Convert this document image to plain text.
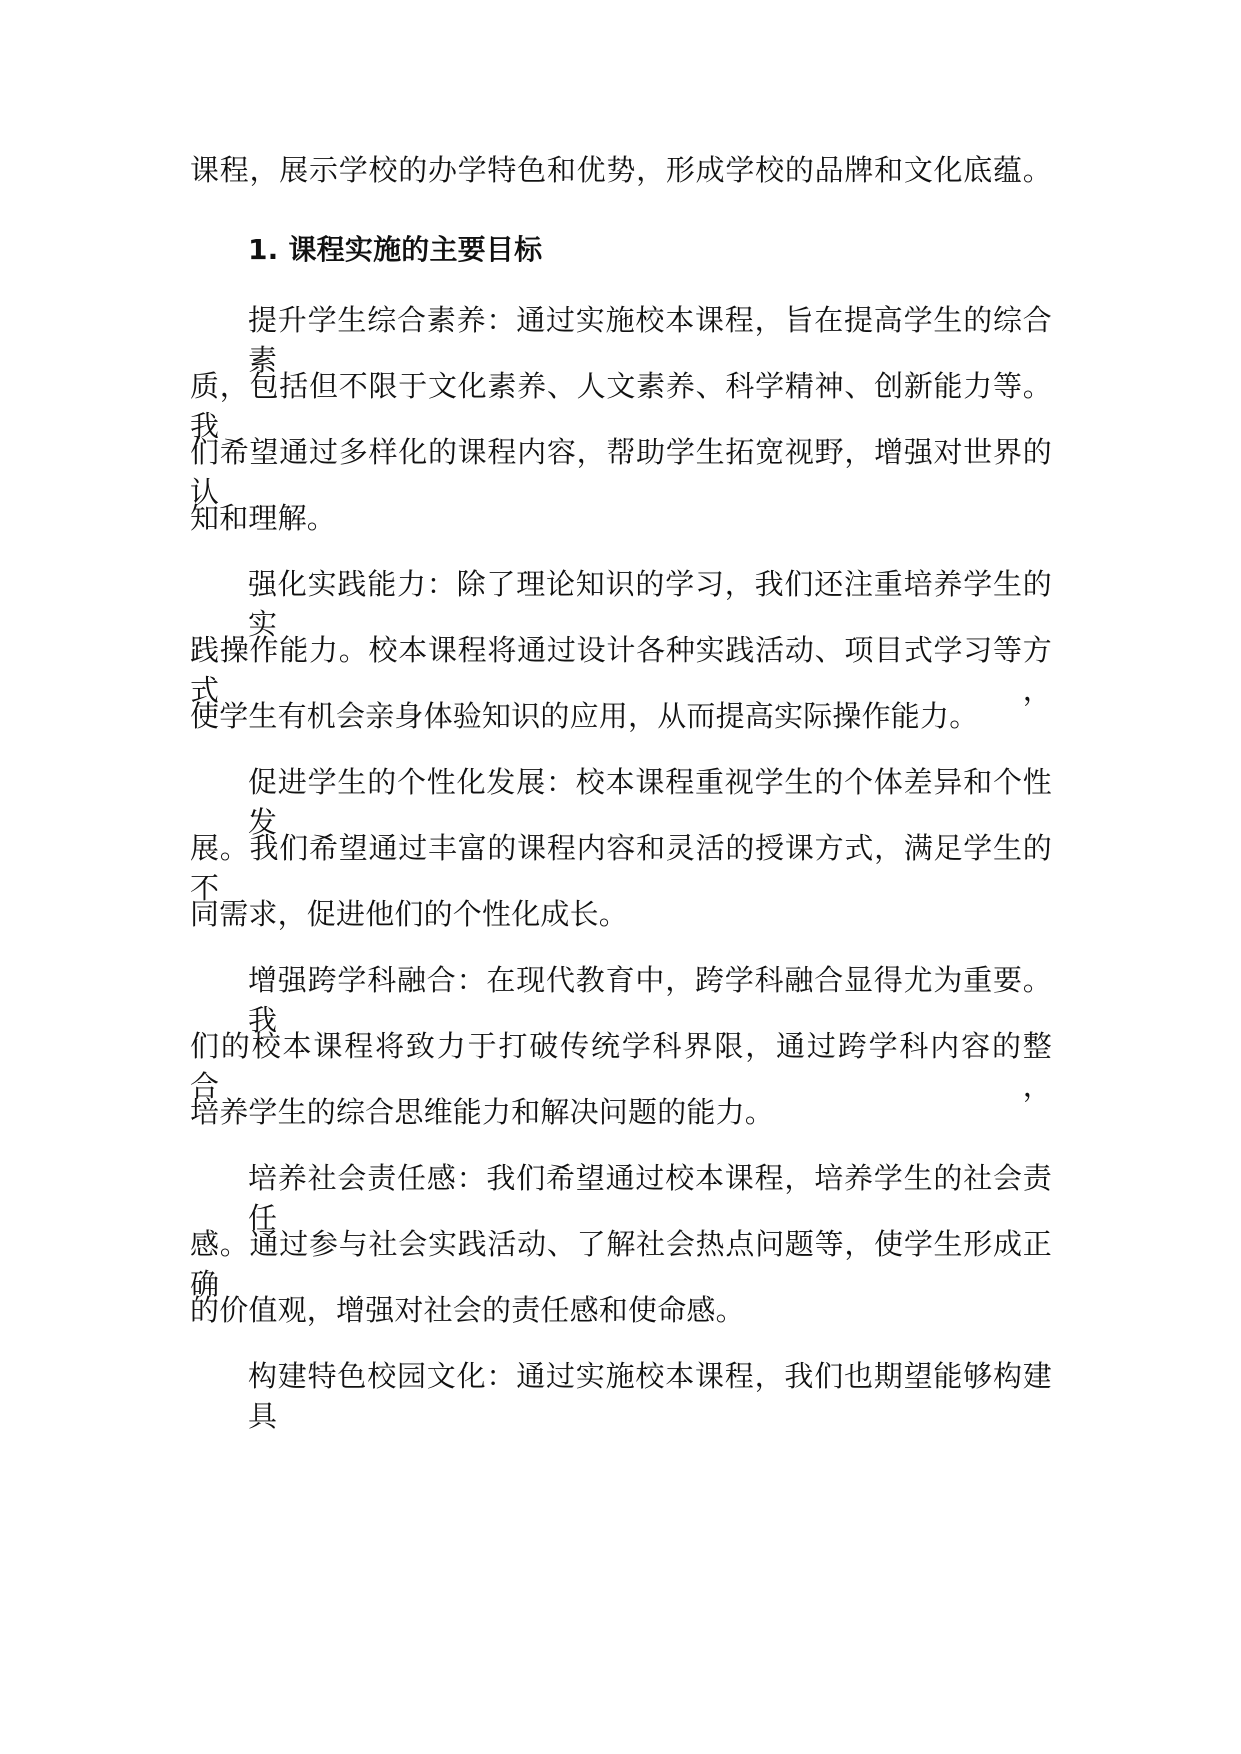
课程，展示学校的办学特色和优势，形成学校的品牌和文化底蕴。
1. 课程实施的主要目标
提升学生综合素养：通过实施校本课程，旨在提高学生的综合素
质，包括但不限于文化素养、人文素养、科学精神、创新能力等。我
们希望通过多样化的课程内容，帮助学生拓宽视野，增强对世界的认
知和理解。
强化实践能力：除了理论知识的学习，我们还注重培养学生的实
践操作能力。校本课程将通过设计各种实践活动、项目式学习等方式，
使学生有机会亲身体验知识的应用，从而提高实际操作能力。
促进学生的个性化发展：校本课程重视学生的个体差异和个性发
展。我们希望通过丰富的课程内容和灵活的授课方式，满足学生的不
同需求，促进他们的个性化成长。
增强跨学科融合：在现代教育中，跨学科融合显得尤为重要。我
们的校本课程将致力于打破传统学科界限，通过跨学科内容的整合，
培养学生的综合思维能力和解决问题的能力。
培养社会责任感：我们希望通过校本课程，培养学生的社会责任
感。通过参与社会实践活动、了解社会热点问题等，使学生形成正确
的价值观，增强对社会的责任感和使命感。
构建特色校园文化：通过实施校本课程，我们也期望能够构建具
